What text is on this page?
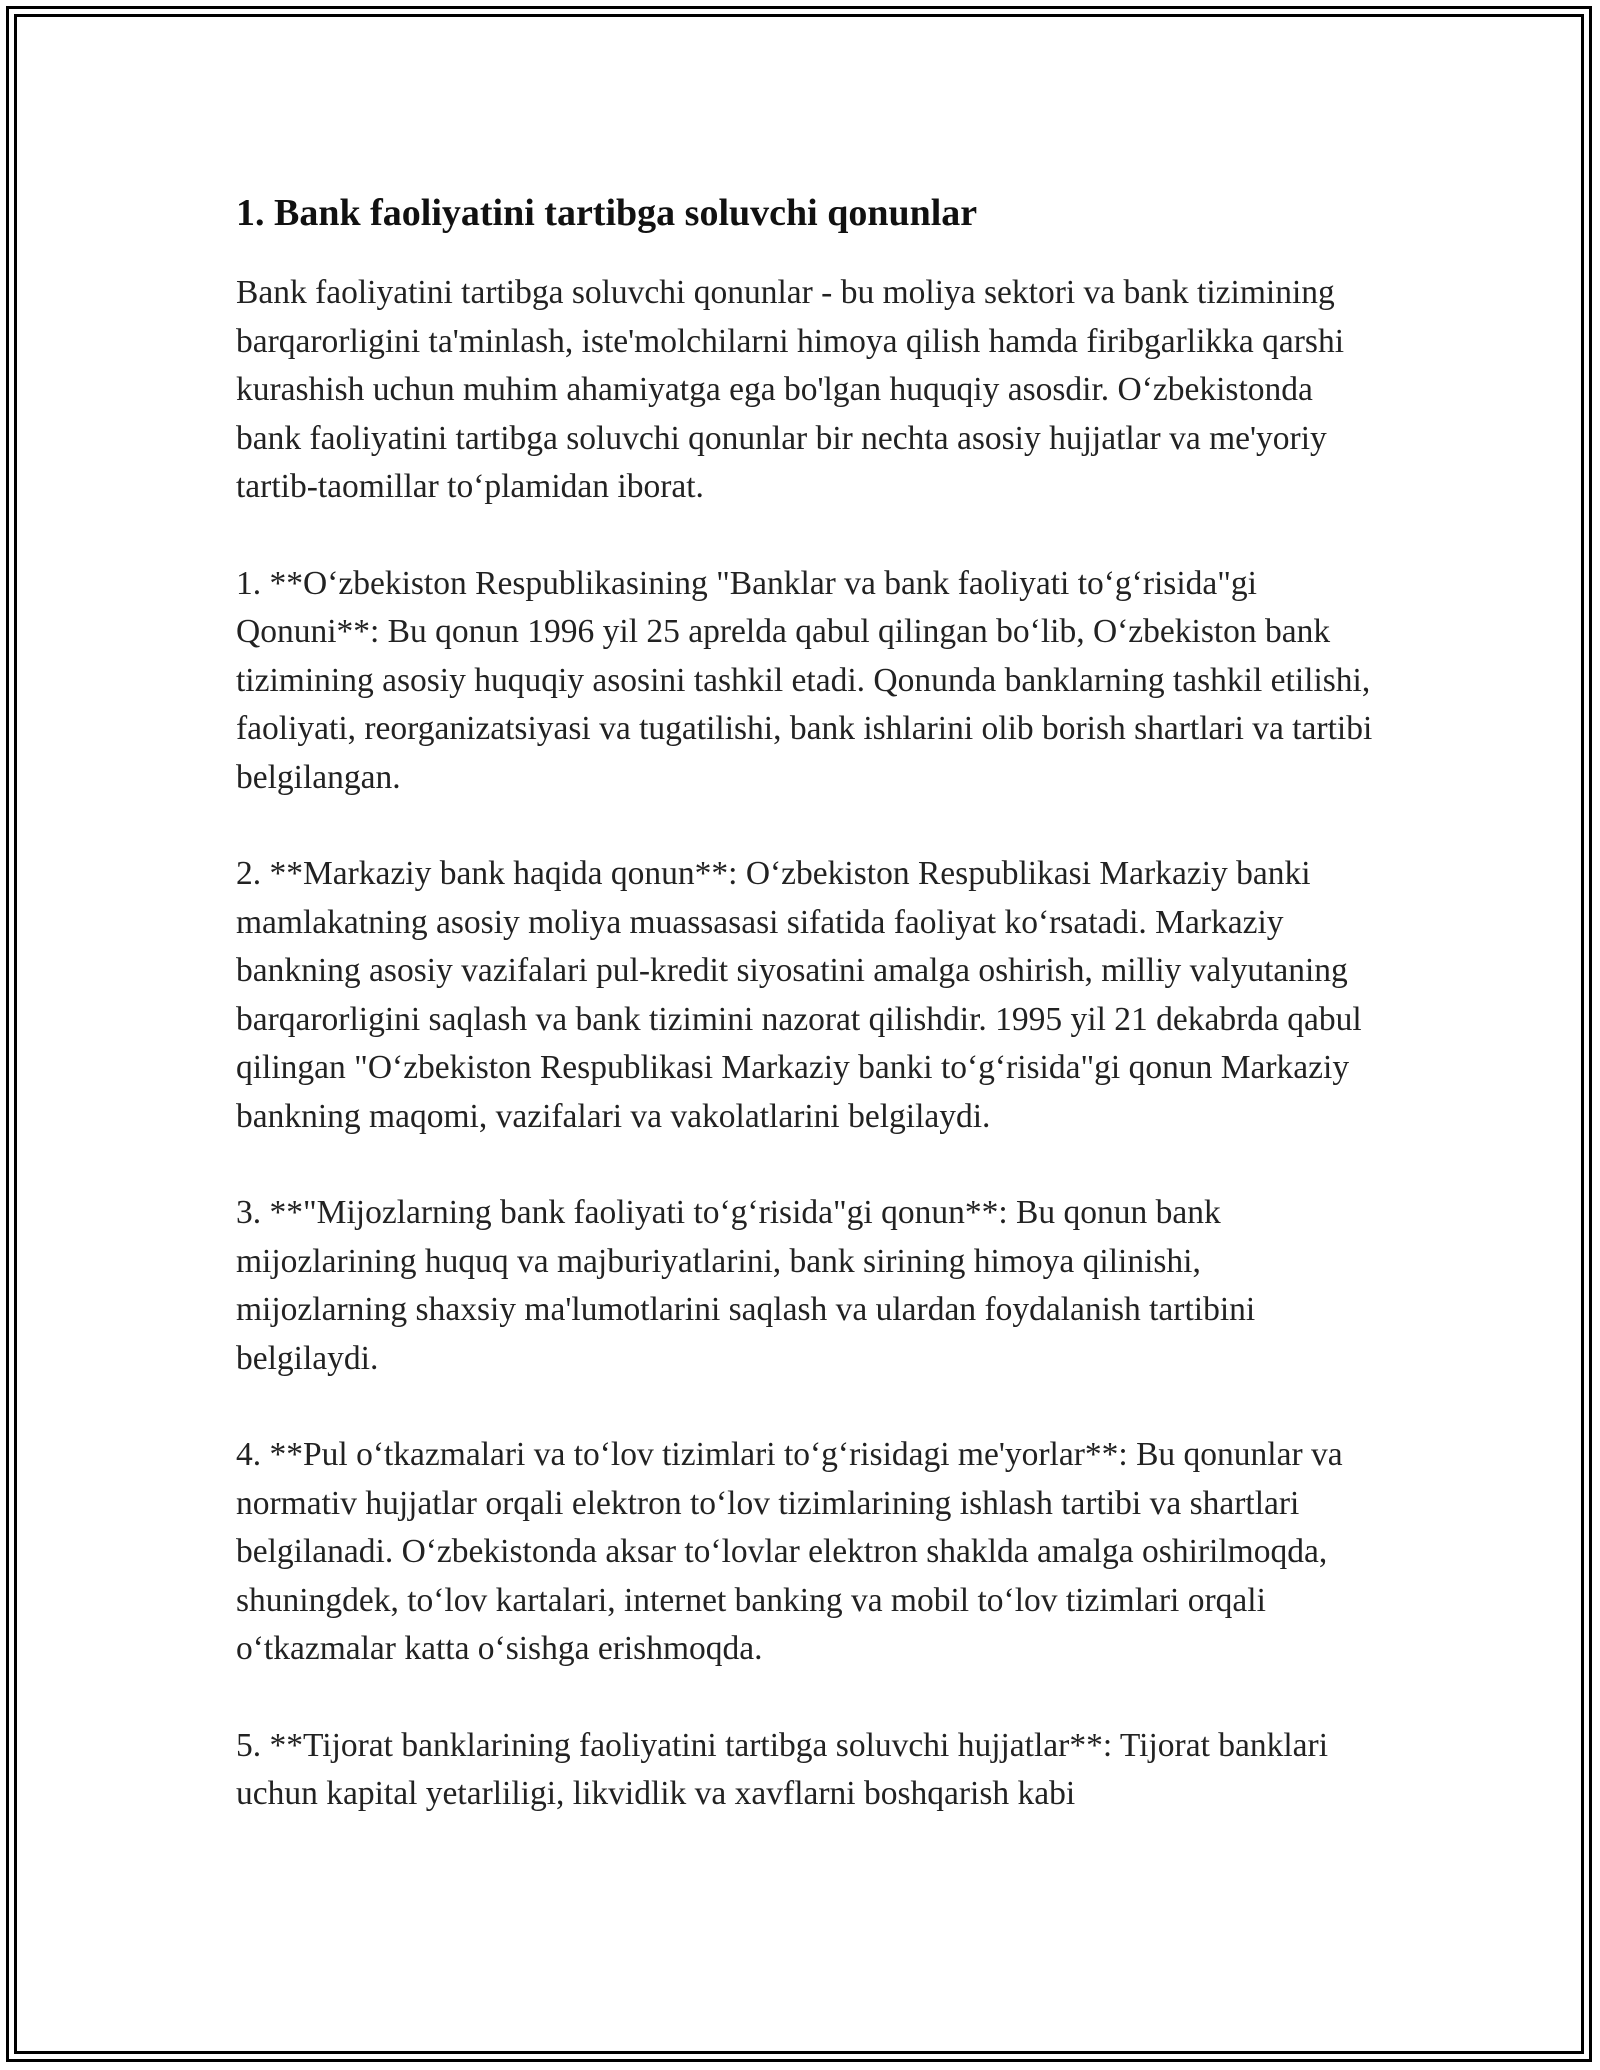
1. Bank faoliyatini tartibga soluvchi qonunlar

Bank faoliyatini tartibga soluvchi qonunlar - bu moliya sektori va bank tizimining barqarorligini ta'minlash, iste'molchilarni himoya qilish hamda firibgarlikka qarshi kurashish uchun muhim ahamiyatga ega bo'lgan huquqiy asosdir. O‘zbekistonda bank faoliyatini tartibga soluvchi qonunlar bir nechta asosiy hujjatlar va me'yoriy tartib-taomillar to‘plamidan iborat.

1. **O‘zbekiston Respublikasining "Banklar va bank faoliyati to‘g‘risida"gi Qonuni**: Bu qonun 1996 yil 25 aprelda qabul qilingan bo‘lib, O‘zbekiston bank tizimining asosiy huquqiy asosini tashkil etadi. Qonunda banklarning tashkil etilishi, faoliyati, reorganizatsiyasi va tugatilishi, bank ishlarini olib borish shartlari va tartibi belgilangan.

2. **Markaziy bank haqida qonun**: O‘zbekiston Respublikasi Markaziy banki mamlakatning asosiy moliya muassasasi sifatida faoliyat ko‘rsatadi. Markaziy bankning asosiy vazifalari pul-kredit siyosatini amalga oshirish, milliy valyutaning barqarorligini saqlash va bank tizimini nazorat qilishdir. 1995 yil 21 dekabrda qabul qilingan "O‘zbekiston Respublikasi Markaziy banki to‘g‘risida"gi qonun Markaziy bankning maqomi, vazifalari va vakolatlarini belgilaydi.

3. **"Mijozlarning bank faoliyati to‘g‘risida"gi qonun**: Bu qonun bank mijozlarining huquq va majburiyatlarini, bank sirining himoya qilinishi, mijozlarning shaxsiy ma'lumotlarini saqlash va ulardan foydalanish tartibini belgilaydi.

4. **Pul o‘tkazmalari va to‘lov tizimlari to‘g‘risidagi me'yorlar**: Bu qonunlar va normativ hujjatlar orqali elektron to‘lov tizimlarining ishlash tartibi va shartlari belgilanadi. O‘zbekistonda aksar to‘lovlar elektron shaklda amalga oshirilmoqda, shuningdek, to‘lov kartalari, internet banking va mobil to‘lov tizimlari orqali o‘tkazmalar katta o‘sishga erishmoqda.

5. **Tijorat banklarining faoliyatini tartibga soluvchi hujjatlar**: Tijorat banklari uchun kapital yetarliligi, likvidlik va xavflarni boshqarish kabi
